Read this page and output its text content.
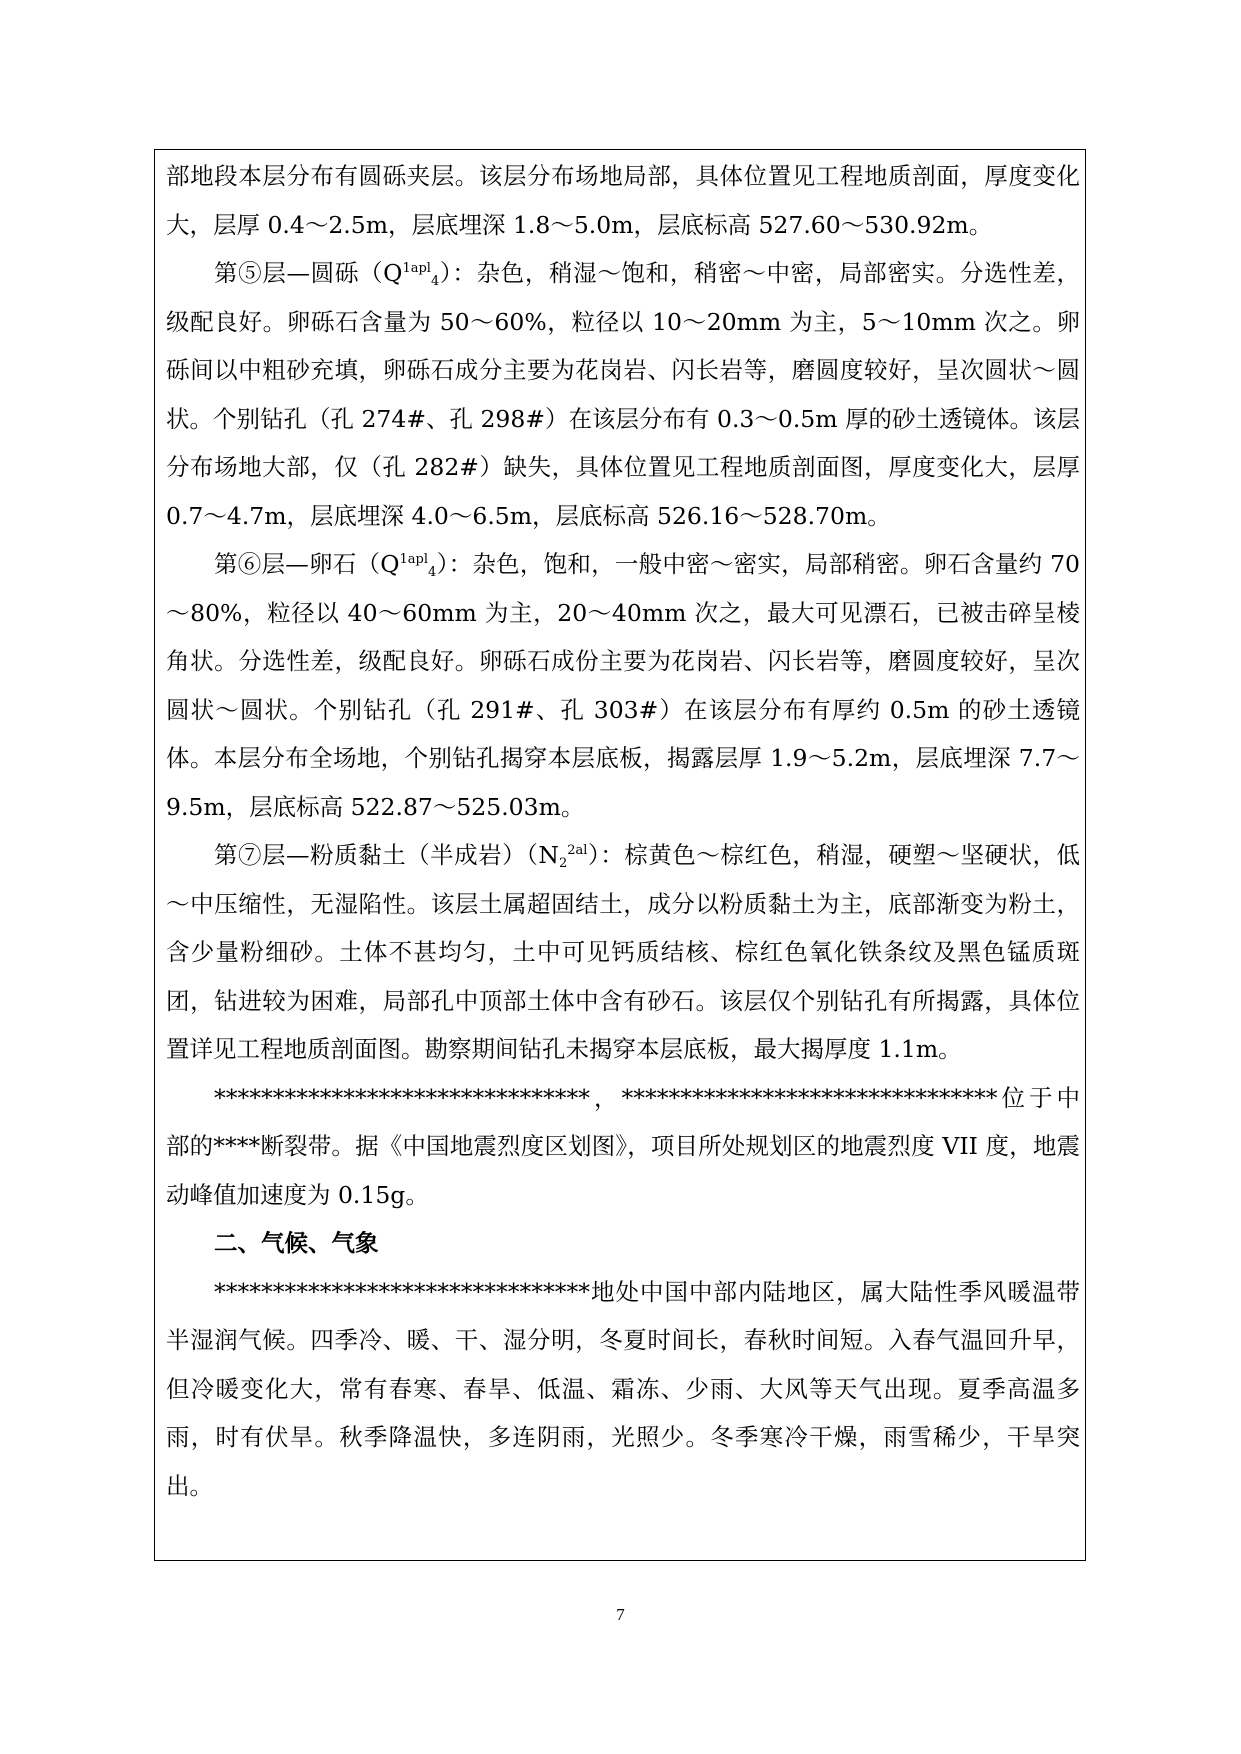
部地段本层分布有圆砾夹层。该层分布场地局部，具体位置见工程地质剖面，厚度变化大，层厚 0.4～2.5m，层底埋深 1.8～5.0m，层底标高 527.60～530.92m。

第⑤层—圆砾$(Q^{1apl}_4)$：杂色，稍湿～饱和，稍密～中密，局部密实。分选性差，级配良好。卵砾石含量为 50～60%，粒径以 10～20mm 为主，5～10mm 次之。卵砾间以中粗砂充填，卵砾石成分主要为花岗岩、闪长岩等，磨圆度较好，呈次圆状～圆状。个别钻孔（孔 274#、孔 298#）在该层分布有 0.3～0.5m 厚的砂土透镜体。该层分布场地大部，仅（孔 282#）缺失，具体位置见工程地质剖面图，厚度变化大，层厚 0.7～4.7m，层底埋深 4.0～6.5m，层底标高 526.16～528.70m。

第⑥层—卵石$(Q^{1apl}_4)$：杂色，饱和，一般中密～密实，局部稍密。卵石含量约 70～80%，粒径以 40～60mm 为主，20～40mm 次之，最大可见漂石，已被击碎呈棱角状。分选性差，级配良好。卵砾石成份主要为花岗岩、闪长岩等，磨圆度较好，呈次圆状～圆状。个别钻孔（孔 291#、孔 303#）在该层分布有厚约 0.5m 的砂土透镜体。本层分布全场地，个别钻孔揭穿本层底板，揭露层厚 1.9～5.2m，层底埋深 7.7～9.5m，层底标高 522.87～525.03m。

第⑦层—粉质黏土（半成岩）$(N_2^{2al})$：棕黄色～棕红色，稍湿，硬塑～坚硬状，低～中压缩性，无湿陷性。该层土属超固结土，成分以粉质黏土为主，底部渐变为粉土，含少量粉细砂。土体不甚均匀，土中可见钙质结核、棕红色氧化铁条纹及黑色锰质斑团，钻进较为困难，局部孔中顶部土体中含有砂石。该层仅个别钻孔有所揭露，具体位置详见工程地质剖面图。勘察期间钻孔未揭穿本层底板，最大揭厚度 1.1m。

********************************，********************************位于中部的****断裂带。据《中国地震烈度区划图》，项目所处规划区的地震烈度 VII 度，地震动峰值加速度为 0.15g。

二、气候、气象

********************************地处中国中部内陆地区，属大陆性季风暖温带半湿润气候。四季冷、暖、干、湿分明，冬夏时间长，春秋时间短。入春气温回升早，但冷暖变化大，常有春寒、春旱、低温、霜冻、少雨、大风等天气出现。夏季高温多雨，时有伏旱。秋季降温快，多连阴雨，光照少。冬季寒冷干燥，雨雪稀少，干旱突出。

7
